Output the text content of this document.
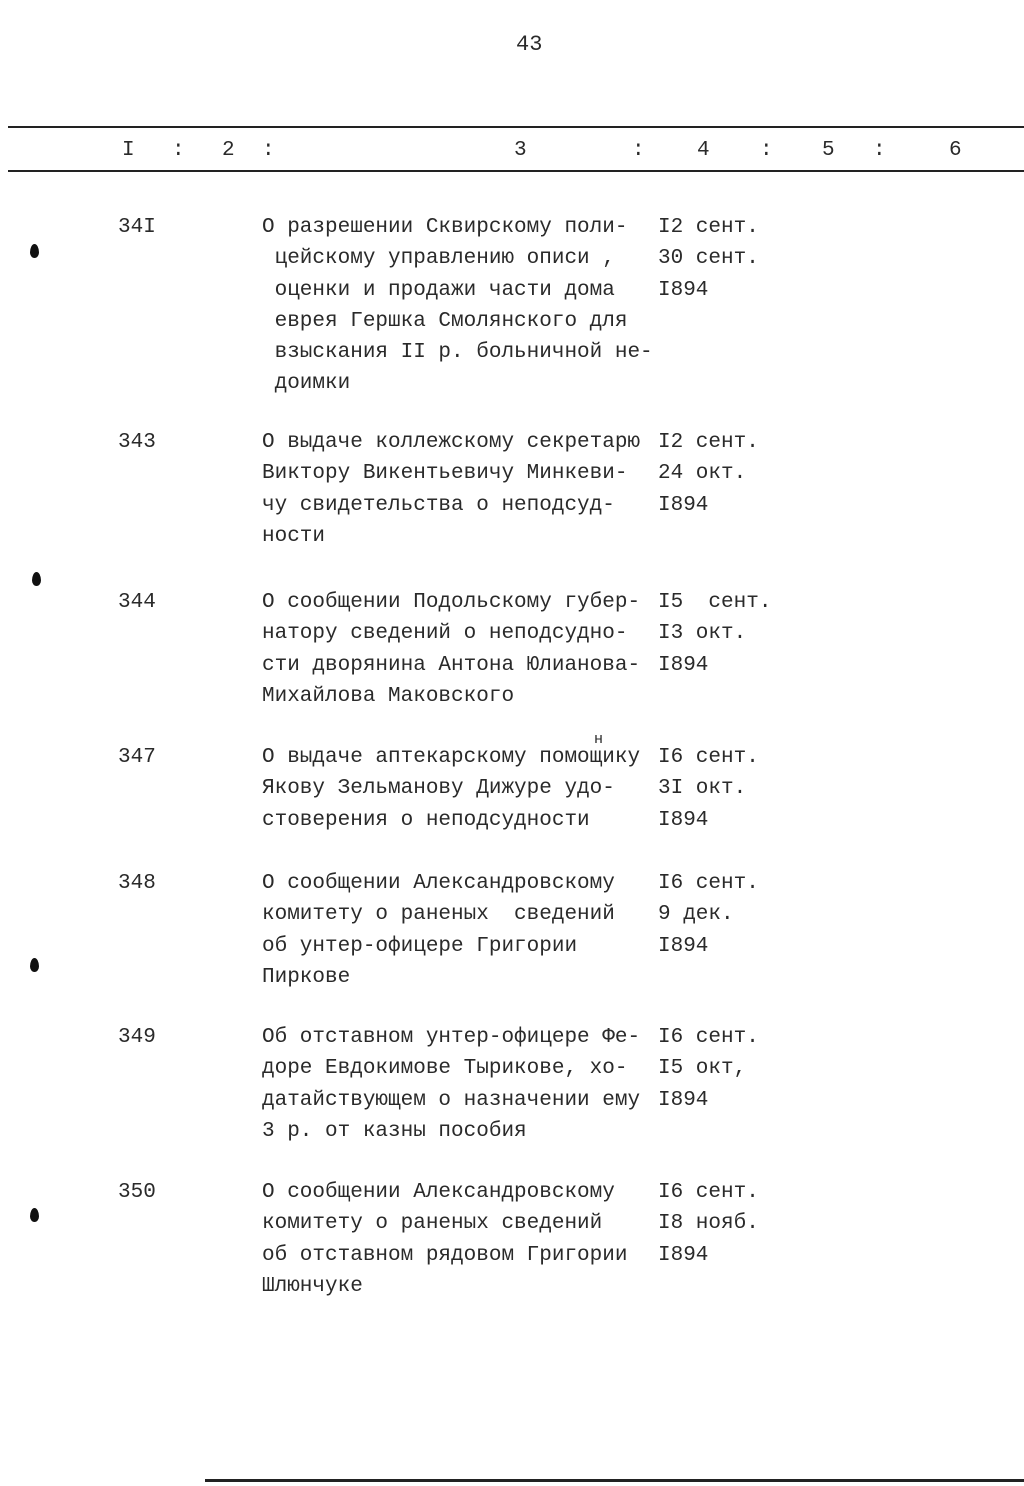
43
I : 2 :	3	: 4 : 5 :	6
34I	О разрешении Сквирскому поли-
цейскому управлению описи ,
оценки и продажи части дома
еврея Гершка Смолянского для
взыскания II р. больничной не-
доимки
I2 сент.
30 сент.
I894
343	О выдаче коллежскому секретарю
Виктору Викентьевичу Минкеви-
чу свидетельства о неподсуд-
ности
I2 сент.
24 окт.
I894
344	О сообщении Подольскому губер-
натору сведений о неподсудно-
сти дворянина Антона Юлианова-
Михайлова Маковского
I5  сент.
I3 окт.
I894
347	О выдаче аптекарскому помощику
Якову Зельманову Дижуре удо-
стоверения о неподсудности
I6 сент.
3I окт.
I894
н
348	О сообщении Александровскому
комитету о раненых  сведений
об унтер-офицере Григории
Пиркове
I6 сент.
9 дек.
I894
349	Об отставном унтер-офицере Фе-
доре Евдокимове Тырикове, хо-
датайствующем о назначении ему
3 р. от казны пособия
I6 сент.
I5 окт,
I894
350	О сообщении Александровскому
комитету о раненых сведений
об отставном рядовом Григории
Шлюнчуке
I6 сент.
I8 нояб.
I894
